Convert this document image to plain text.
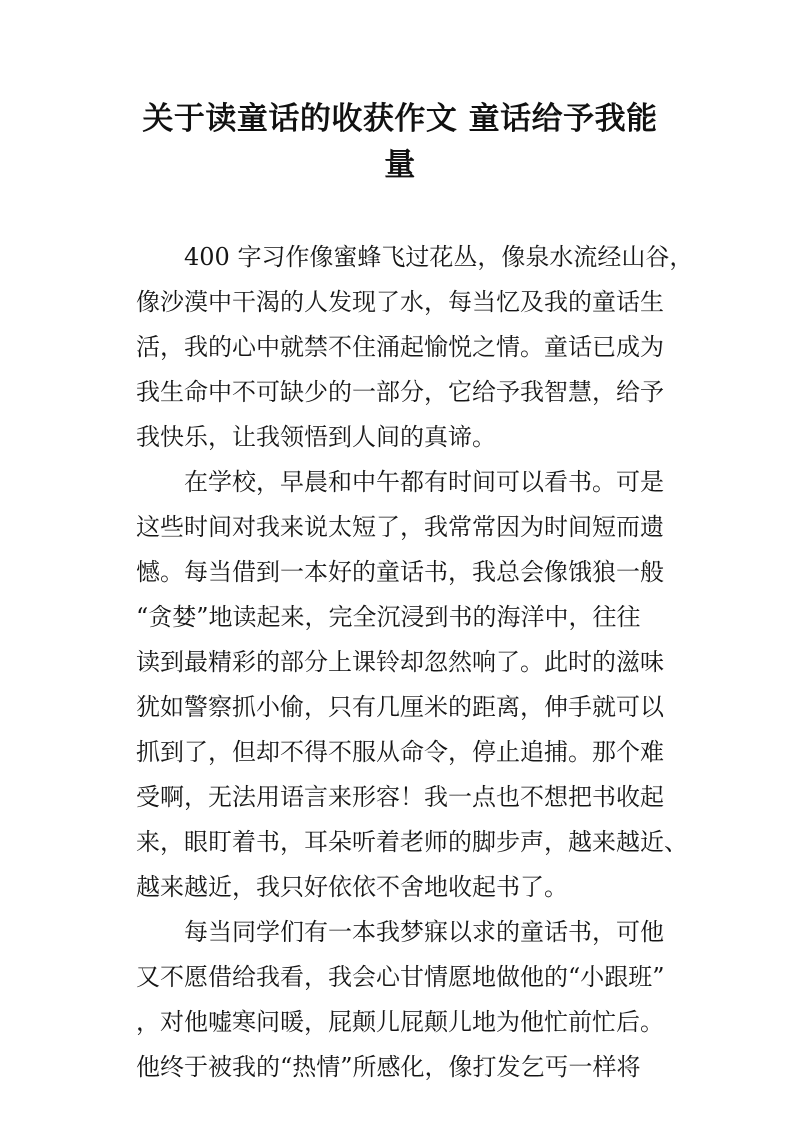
关于读童话的收获作文 童话给予我能
量
400 字习作像蜜蜂飞过花丛，像泉水流经山谷，
像沙漠中干渴的人发现了水，每当忆及我的童话生
活，我的心中就禁不住涌起愉悦之情。童话已成为
我生命中不可缺少的一部分，它给予我智慧，给予
我快乐，让我领悟到人间的真谛。
在学校，早晨和中午都有时间可以看书。可是
这些时间对我来说太短了，我常常因为时间短而遗
憾。每当借到一本好的童话书，我总会像饿狼一般
“贪婪”地读起来，完全沉浸到书的海洋中，往往
读到最精彩的部分上课铃却忽然响了。此时的滋味
犹如警察抓小偷，只有几厘米的距离，伸手就可以
抓到了，但却不得不服从命令，停止追捕。那个难
受啊，无法用语言来形容！我一点也不想把书收起
来，眼盯着书，耳朵听着老师的脚步声，越来越近、
越来越近，我只好依依不舍地收起书了。
每当同学们有一本我梦寐以求的童话书，可他
又不愿借给我看，我会心甘情愿地做他的“小跟班”
，对他嘘寒问暖，屁颠儿屁颠儿地为他忙前忙后。
他终于被我的“热情”所感化，像打发乞丐一样将
